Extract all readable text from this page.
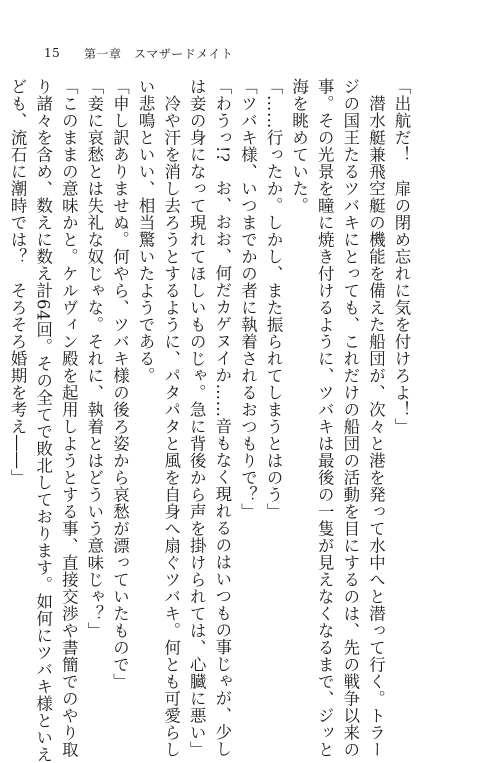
15	第一章　スマザードメイト

「出航だ！　扉の閉め忘れに気を付けろよ！」

　潜水艇兼飛空艇の機能を備えた船団が、次々と港を発って水中へと潜って行く。トラー

ジの国王たるツバキにとっても、これだけの船団の活動を目にするのは、先の戦争以来の

事。その光景を瞳に焼き付けるように、ツバキは最後の一隻が見えなくなるまで、ジッと

海を眺めていた。

「……行ったか。しかし、また振られてしまうとはのう」

「ツバキ様、いつまでかの者に執着されるおつもりで？」

「わうっ!?　お、おお、何だカゲヌイか……音もなく現れるのはいつもの事じゃが、少し

は妾の身になって現れてほしいものじゃ。急に背後から声を掛けられては、心臓に悪い」

　冷や汗を消し去ろうとするように、パタパタと風を自身へ扇ぐツバキ。何とも可愛らし

い悲鳴といい、相当驚いたようである。

「申し訳ありませぬ。何やら、ツバキ様の後ろ姿から哀愁が漂っていたもので」

「妾に哀愁とは失礼な奴じゃな。それに、執着とはどういう意味じゃ？」

「このままの意味かと。ケルヴィン殿を起用しようとする事、直接交渉や書簡でのやり取

り諸々を含め、数えに数え計64回。その全てで敗北しております。如何にツバキ様といえ

ども、流石に潮時では？　そろそろ婚期を考え――」
